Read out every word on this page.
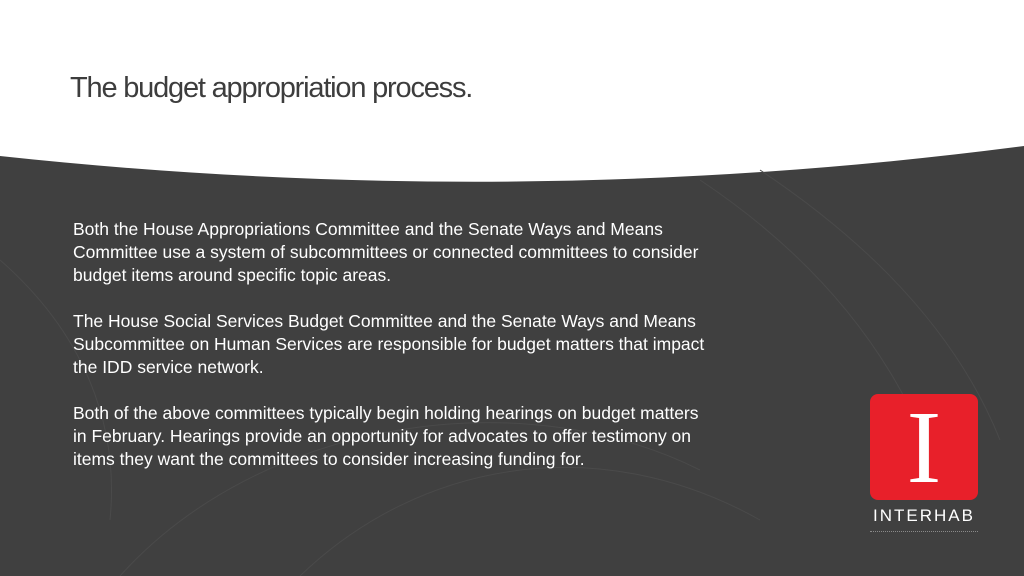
The budget appropriation process.

Both the House Appropriations Committee and the Senate Ways and Means Committee use a system of subcommittees or connected committees to consider budget items around specific topic areas.

The House Social Services Budget Committee and the Senate Ways and Means Subcommittee on Human Services are responsible for budget matters that impact the IDD service network.

Both of the above committees typically begin holding hearings on budget matters in February. Hearings provide an opportunity for advocates to offer testimony on items they want the committees to consider increasing funding for.	I
INTERHAB
